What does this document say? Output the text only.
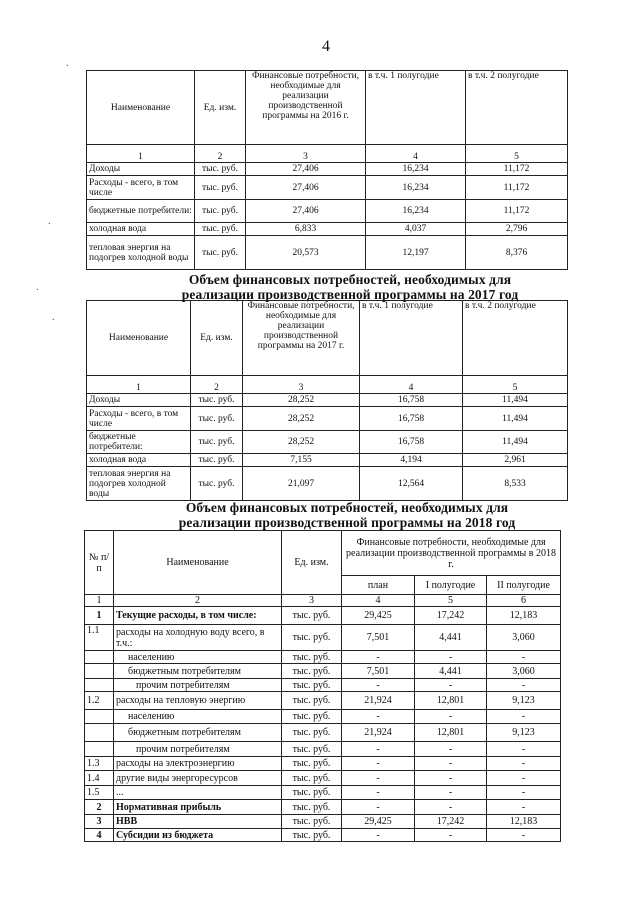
4
.
.
.
.
Наименование	Ед. изм.	Финансовые потребности, необходимые для реализации производственной программы на 2016 г.	в т.ч. 1 полугодие	в т.ч. 2 полугодие
1	2	3	4	5
Доходы	тыс. руб.	27,406	16,234	11,172
Расходы - всего, в том числе	тыс. руб.	27,406	16,234	11,172
бюджетные потребители:	тыс. руб.	27,406	16,234	11,172
холодная вода	тыс. руб.	6,833	4,037	2,796
тепловая энергия на подогрев холодной воды	тыс. руб.	20,573	12,197	8,376
Объем финансовых потребностей, необходимых для реализации производственной программы на 2017 год
Наименование	Ед. изм.	Финансовые потребности, необходимые для реализации производственной программы на 2017 г.	в т.ч. 1 полугодие	в т.ч. 2 полугодие
1	2	3	4	5
Доходы	тыс. руб.	28,252	16,758	11,494
Расходы - всего, в том числе	тыс. руб.	28,252	16,758	11,494
бюджетные потребители:	тыс. руб.	28,252	16,758	11,494
холодная вода	тыс. руб.	7,155	4,194	2,961
тепловая энергия на подогрев холодной воды	тыс. руб.	21,097	12,564	8,533
Объем финансовых потребностей, необходимых для реализации производственной программы на 2018 год
№ п/п	Наименование	Ед. изм.	Финансовые потребности, необходимые для реализации производственной программы в 2018 г.		
			план	I полугодие	II полугодие
1	2	3	4	5	6
1	Текущие расходы, в том числе:	тыс. руб.	29,425	17,242	12,183
1.1	расходы на холодную воду всего, в т.ч.:	тыс. руб.	7,501	4,441	3,060
	населению	тыс. руб.	-	-	-
	бюджетным потребителям	тыс. руб.	7,501	4,441	3,060
	прочим потребителям	тыс. руб.	-	-	-
1.2	расходы на тепловую энергию	тыс. руб.	21,924	12,801	9,123
	населению	тыс. руб.	-	-	-
	бюджетным потребителям	тыс. руб.	21,924	12,801	9,123
	прочим потребителям	тыс. руб.	-	-	-
1.3	расходы на электроэнергию	тыс. руб.	-	-	-
1.4	другие виды энергоресурсов	тыс. руб.	-	-	-
1.5	...	тыс. руб.	-	-	-
2	Нормативная прибыль	тыс. руб.	-	-	-
3	НВВ	тыс. руб.	29,425	17,242	12,183
4	Субсидии из бюджета	тыс. руб.	-	-	-
